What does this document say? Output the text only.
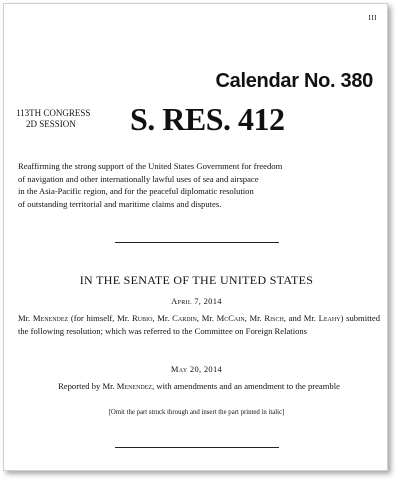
III
Calendar No. 380
113TH CONGRESS
2D SESSION	S. RES. 412
Reaffirming the strong support of the United States Government for freedom
of navigation and other internationally lawful uses of sea and airspace
in the Asia-Pacific region, and for the peaceful diplomatic resolution
of outstanding territorial and maritime claims and disputes.
IN THE SENATE OF THE UNITED STATES
April 7, 2014
Mr. Menendez (for himself, Mr. Rubio, Mr. Cardin, Mr. McCain, Mr. Risch, and Mr. Leahy) submitted the following resolution; which was referred to the Committee on Foreign Relations
May 20, 2014
Reported by Mr. Menendez, with amendments and an amendment to the preamble
[Omit the part struck through and insert the part printed in italic]
